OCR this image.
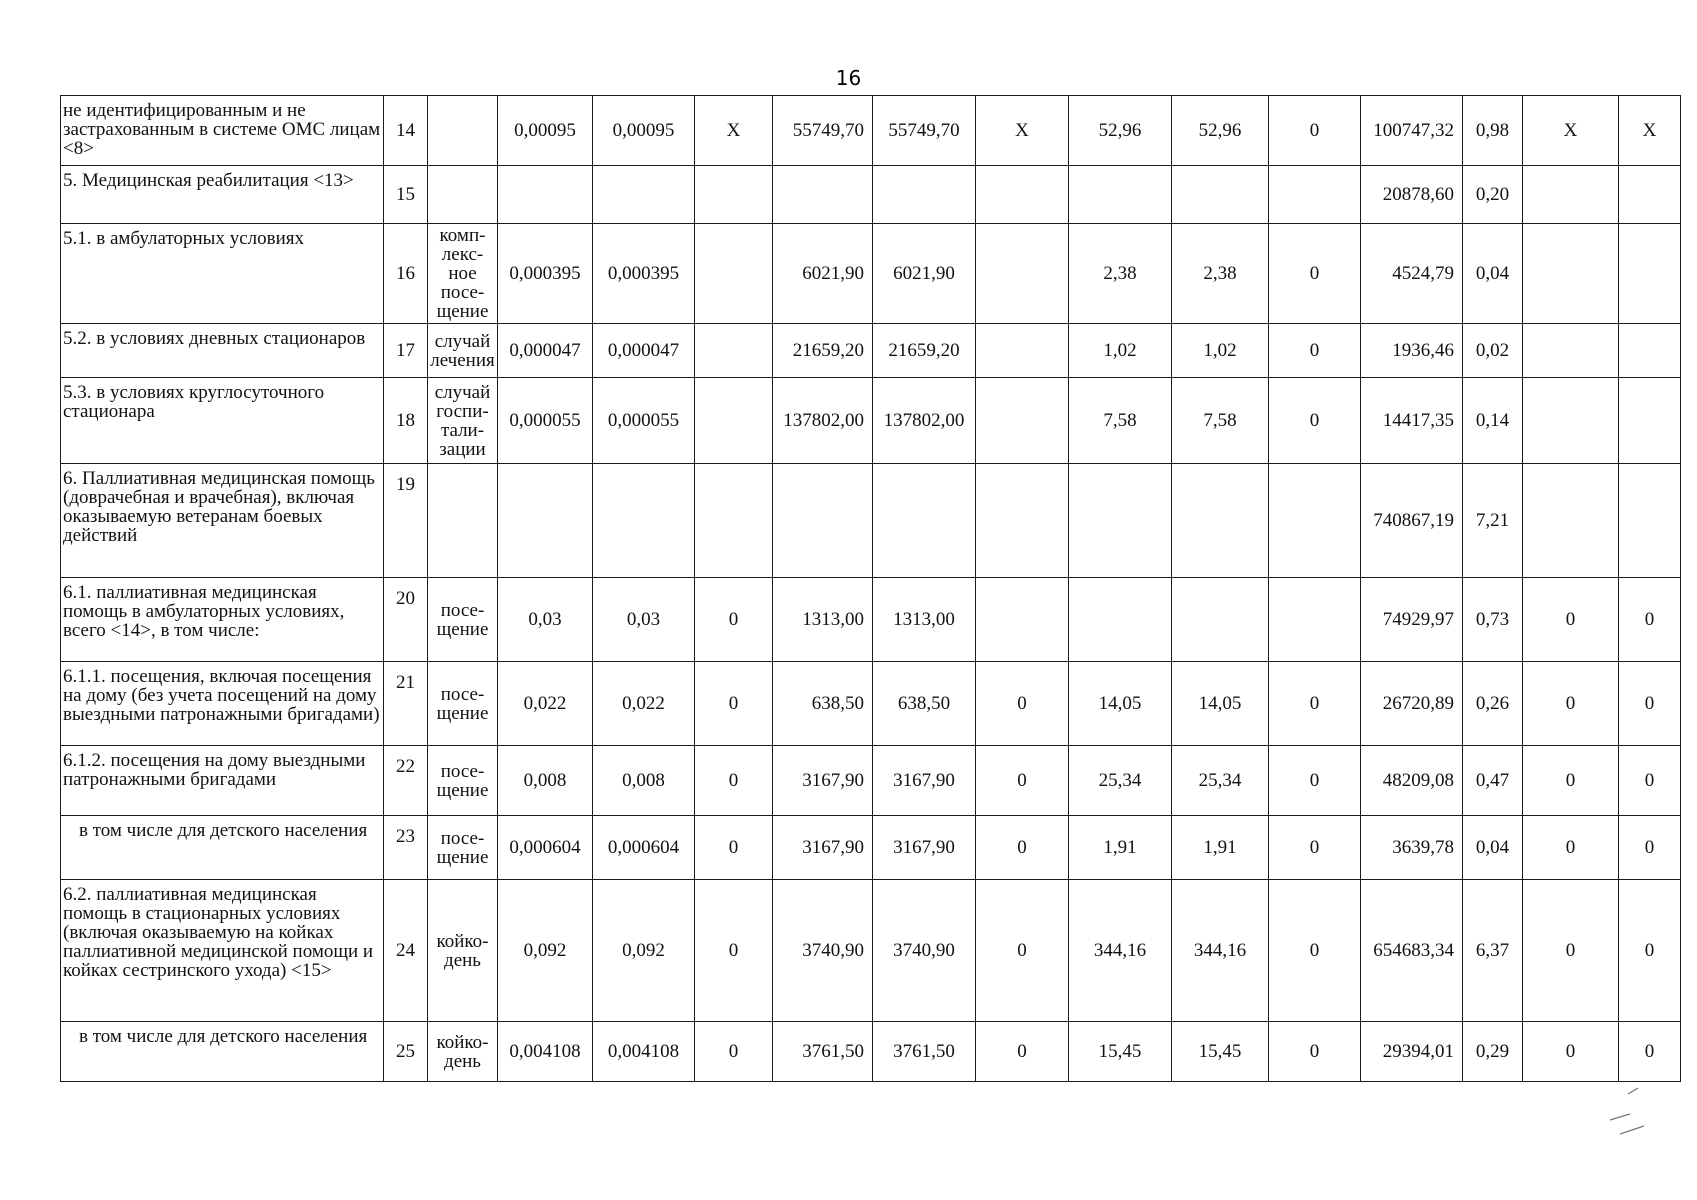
16
не идентифицированным и не застрахованным в системе ОМС лицам <8>	14		0,00095	0,00095	X	55749,70	55749,70	X	52,96	52,96	0	100747,32	0,98	X	X
5. Медицинская реабилитация <13>	15											20878,60	0,20		
5.1. в амбулаторных условиях	16	комп-лекс-ное посе-щение	0,000395	0,000395		6021,90	6021,90		2,38	2,38	0	4524,79	0,04		
5.2. в условиях дневных стационаров	17	случай лечения	0,000047	0,000047		21659,20	21659,20		1,02	1,02	0	1936,46	0,02		
5.3. в условиях круглосуточного стационара	18	случай госпи-тали-зации	0,000055	0,000055		137802,00	137802,00		7,58	7,58	0	14417,35	0,14		
6. Паллиативная медицинская помощь (доврачебная и врачебная), включая оказываемую ветеранам боевых действий	19											740867,19	7,21		
6.1. паллиативная медицинская помощь в амбулаторных условиях, всего <14>, в том числе:	20	посе-щение	0,03	0,03	0	1313,00	1313,00					74929,97	0,73	0	0
6.1.1. посещения, включая посещения на дому (без учета посещений на дому выездными патронажными бригадами)	21	посе-щение	0,022	0,022	0	638,50	638,50	0	14,05	14,05	0	26720,89	0,26	0	0
6.1.2. посещения на дому выездными патронажными бригадами	22	посе-щение	0,008	0,008	0	3167,90	3167,90	0	25,34	25,34	0	48209,08	0,47	0	0
в том числе для детского населения	23	посе-щение	0,000604	0,000604	0	3167,90	3167,90	0	1,91	1,91	0	3639,78	0,04	0	0
6.2. паллиативная медицинская помощь в стационарных условиях (включая оказываемую на койках паллиативной медицинской помощи и койках сестринского ухода) <15>	24	койко-день	0,092	0,092	0	3740,90	3740,90	0	344,16	344,16	0	654683,34	6,37	0	0
в том числе для детского населения	25	койко-день	0,004108	0,004108	0	3761,50	3761,50	0	15,45	15,45	0	29394,01	0,29	0	0
